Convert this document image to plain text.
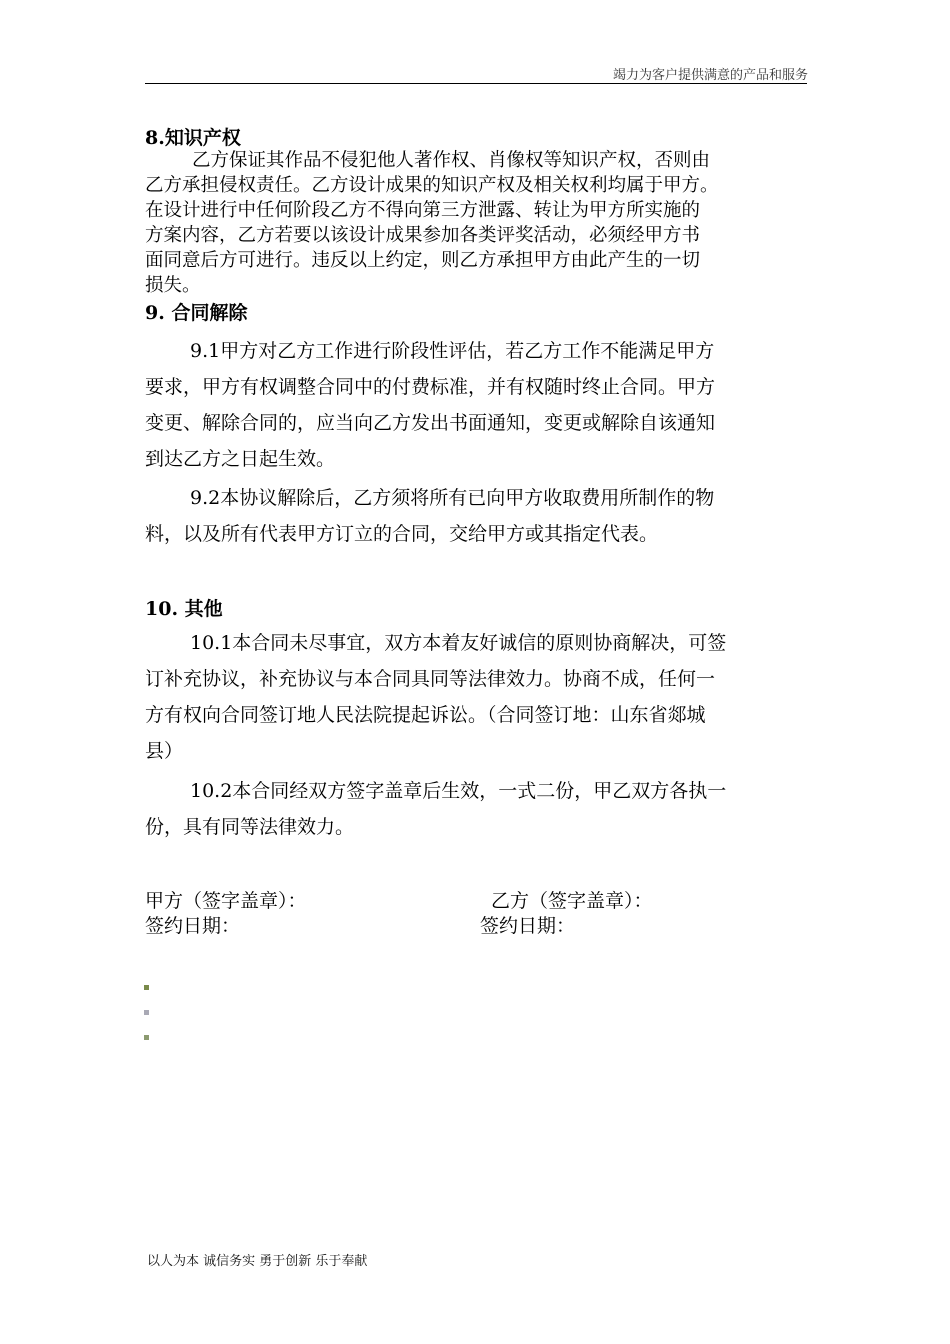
竭力为客户提供满意的产品和服务
8.知识产权
乙方保证其作品不侵犯他人著作权、肖像权等知识产权，否则由
乙方承担侵权责任。乙方设计成果的知识产权及相关权利均属于甲方。
在设计进行中任何阶段乙方不得向第三方泄露、转让为甲方所实施的
方案内容，乙方若要以该设计成果参加各类评奖活动，必须经甲方书
面同意后方可进行。违反以上约定，则乙方承担甲方由此产生的一切
损失。
9. 合同解除
9.1甲方对乙方工作进行阶段性评估，若乙方工作不能满足甲方
要求，甲方有权调整合同中的付费标准，并有权随时终止合同。甲方
变更、解除合同的，应当向乙方发出书面通知，变更或解除自该通知
到达乙方之日起生效。
9.2本协议解除后，乙方须将所有已向甲方收取费用所制作的物
料，以及所有代表甲方订立的合同，交给甲方或其指定代表。
10. 其他
10.1本合同未尽事宜，双方本着友好诚信的原则协商解决，可签
订补充协议，补充协议与本合同具同等法律效力。协商不成，任何一
方有权向合同签订地人民法院提起诉讼。（合同签订地：山东省郯城
县）
10.2本合同经双方签字盖章后生效，一式二份，甲乙双方各执一
份，具有同等法律效力。
甲方（签字盖章）：	乙方（签字盖章）：
签约日期：	签约日期：
以人为本 诚信务实 勇于创新 乐于奉献
